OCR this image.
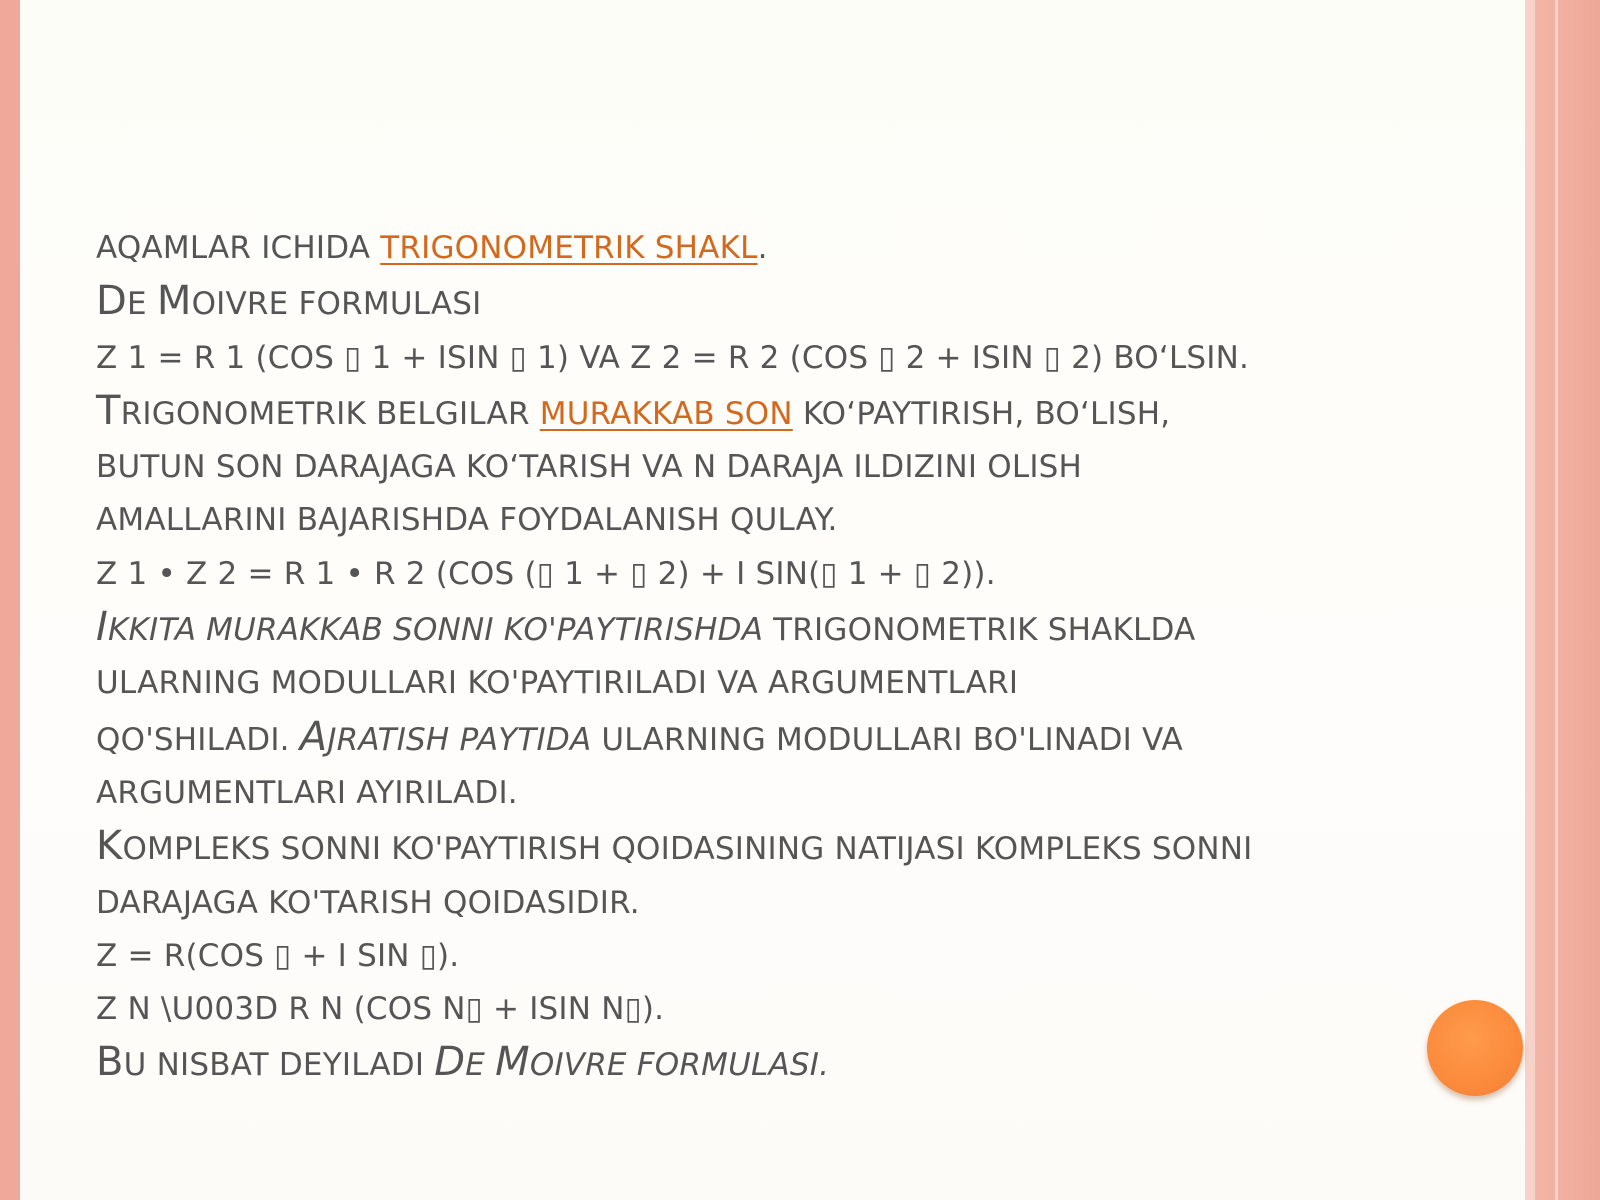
AQAMLAR ICHIDA TRIGONOMETRIK SHAKL.
DE MOIVRE FORMULASI
Z 1 = R 1 (COS ▯ 1 + ISIN ▯ 1) VA Z 2 = R 2 (COS ▯ 2 + ISIN ▯ 2) BO‘LSIN.
TRIGONOMETRIK BELGILAR MURAKKAB SON KO‘PAYTIRISH, BO‘LISH,
BUTUN SON DARAJAGA KO‘TARISH VA N DARAJA ILDIZINI OLISH
AMALLARINI BAJARISHDA FOYDALANISH QULAY.
Z 1 • Z 2 = R 1 • R 2 (COS (▯ 1 + ▯ 2) + I SIN(▯ 1 + ▯ 2)).
IKKITA MURAKKAB SONNI KO'PAYTIRISHDA TRIGONOMETRIK SHAKLDA
ULARNING MODULLARI KO'PAYTIRILADI VA ARGUMENTLARI
QO'SHILADI. AJRATISH PAYTIDA ULARNING MODULLARI BO'LINADI VA
ARGUMENTLARI AYIRILADI.
KOMPLEKS SONNI KO'PAYTIRISH QOIDASINING NATIJASI KOMPLEKS SONNI
DARAJAGA KO'TARISH QOIDASIDIR.
Z = R(COS ▯ + I SIN ▯).
Z N \U003D R N (COS N▯ + ISIN N▯).
BU NISBAT DEYILADI DE MOIVRE FORMULASI.
